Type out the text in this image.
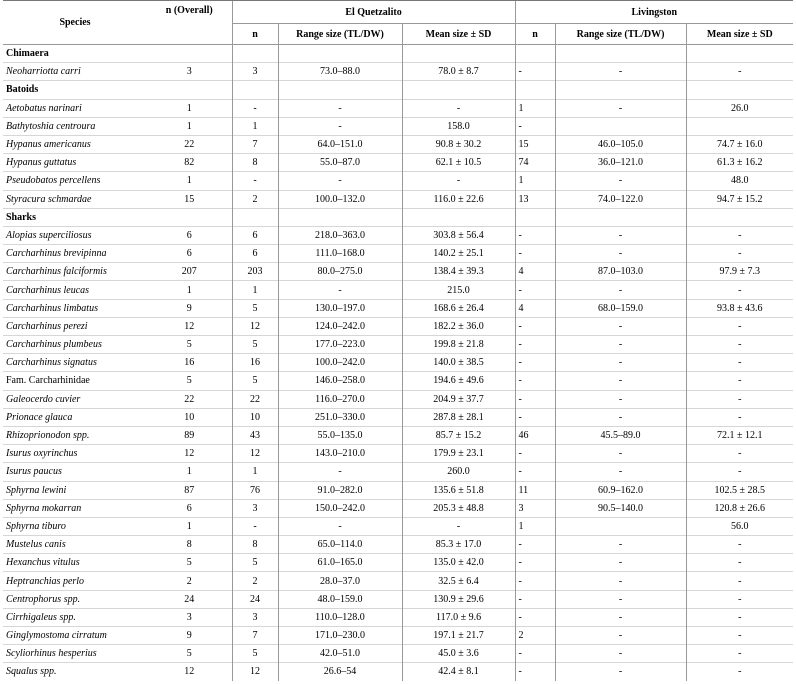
Species	n (Overall)	El Quetzalito			Livingston		
		n	Range size (TL/DW)	Mean size ± SD	n	Range size (TL/DW)	Mean size ± SD
Chimaera							
Neoharriotta carri	3	3	73.0–88.0	78.0 ± 8.7	-	-	-
Batoids							
Aetobatus narinari	1	-	-	-	1	-	26.0
Bathytoshia centroura	1	1	-	158.0	-		
Hypanus americanus	22	7	64.0–151.0	90.8 ± 30.2	15	46.0–105.0	74.7 ± 16.0
Hypanus guttatus	82	8	55.0–87.0	62.1 ± 10.5	74	36.0–121.0	61.3 ± 16.2
Pseudobatos percellens	1	-	-	-	1	-	48.0
Styracura schmardae	15	2	100.0–132.0	116.0 ± 22.6	13	74.0–122.0	94.7 ± 15.2
Sharks							
Alopias superciliosus	6	6	218.0–363.0	303.8 ± 56.4	-	-	-
Carcharhinus brevipinna	6	6	111.0–168.0	140.2 ± 25.1	-	-	-
Carcharhinus falciformis	207	203	80.0–275.0	138.4 ± 39.3	4	87.0–103.0	97.9 ± 7.3
Carcharhinus leucas	1	1	-	215.0	-	-	-
Carcharhinus limbatus	9	5	130.0–197.0	168.6 ± 26.4	4	68.0–159.0	93.8 ± 43.6
Carcharhinus perezi	12	12	124.0–242.0	182.2 ± 36.0	-	-	-
Carcharhinus plumbeus	5	5	177.0–223.0	199.8 ± 21.8	-	-	-
Carcharhinus signatus	16	16	100.0–242.0	140.0 ± 38.5	-	-	-
Fam. Carcharhinidae	5	5	146.0–258.0	194.6 ± 49.6	-	-	-
Galeocerdo cuvier	22	22	116.0–270.0	204.9 ± 37.7	-	-	-
Prionace glauca	10	10	251.0–330.0	287.8 ± 28.1	-	-	-
Rhizoprionodon spp.	89	43	55.0–135.0	85.7 ± 15.2	46	45.5–89.0	72.1 ± 12.1
Isurus oxyrinchus	12	12	143.0–210.0	179.9 ± 23.1	-	-	-
Isurus paucus	1	1	-	260.0	-	-	-
Sphyrna lewini	87	76	91.0–282.0	135.6 ± 51.8	11	60.9–162.0	102.5 ± 28.5
Sphyrna mokarran	6	3	150.0–242.0	205.3 ± 48.8	3	90.5–140.0	120.8 ± 26.6
Sphyrna tiburo	1	-	-	-	1		56.0
Mustelus canis	8	8	65.0–114.0	85.3 ± 17.0	-	-	-
Hexanchus vitulus	5	5	61.0–165.0	135.0 ± 42.0	-	-	-
Heptranchias perlo	2	2	28.0–37.0	32.5 ± 6.4	-	-	-
Centrophorus spp.	24	24	48.0–159.0	130.9 ± 29.6	-	-	-
Cirrhigaleus spp.	3	3	110.0–128.0	117.0 ± 9.6	-	-	-
Ginglymostoma cirratum	9	7	171.0–230.0	197.1 ± 21.7	2	-	-
Scyliorhinus hesperius	5	5	42.0–51.0	45.0 ± 3.6	-	-	-
Squalus spp.	12	12	26.6–54	42.4 ± 8.1	-	-	-
